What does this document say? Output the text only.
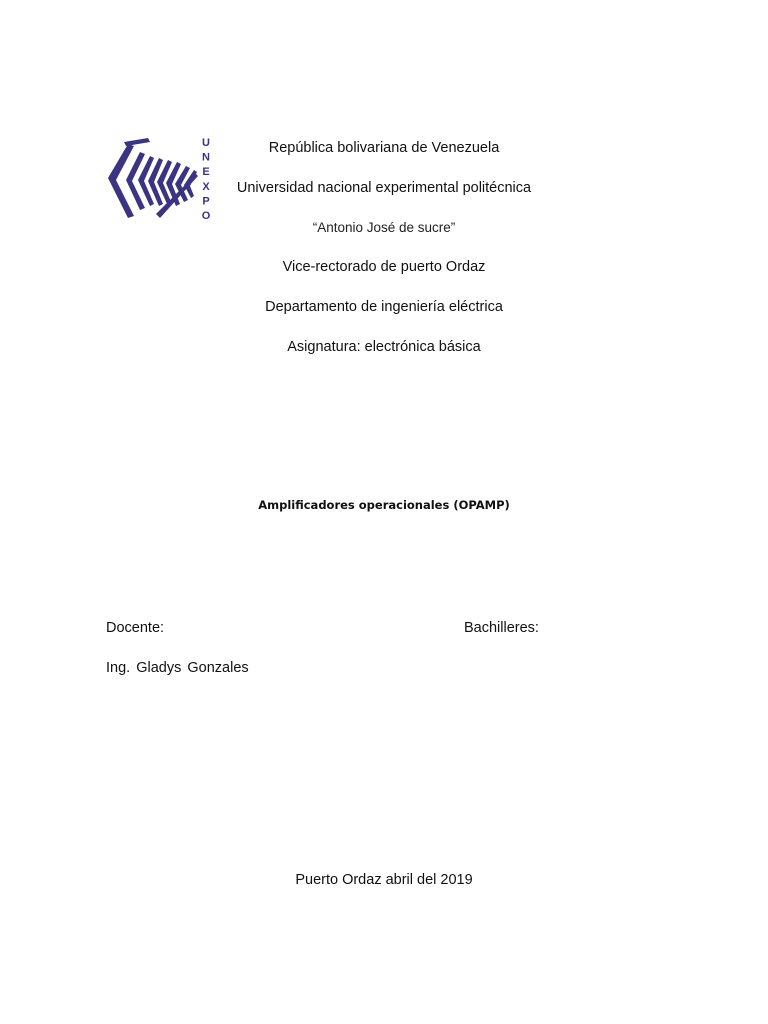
U
N
E
X
P
O
República bolivariana de Venezuela
Universidad nacional experimental politécnica
“Antonio José de sucre”
Vice-rectorado de puerto Ordaz
Departamento de ingeniería eléctrica
Asignatura: electrónica básica
Amplificadores operacionales (OPAMP)
Docente:	Bachilleres:
Ing. Gladys Gonzales
Puerto Ordaz abril del 2019
